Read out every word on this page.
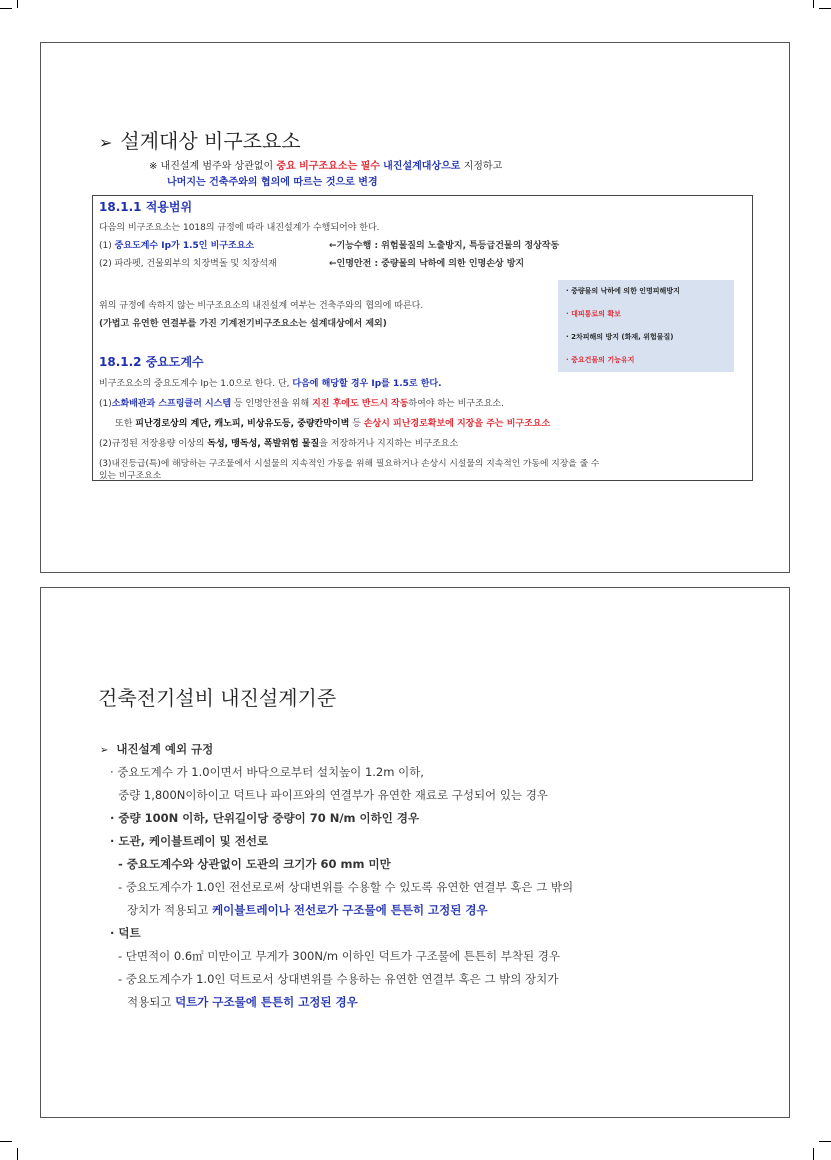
➢ 설계대상 비구조요소
※ 내진설계 범주와 상관없이 중요 비구조요소는 필수 내진설계대상으로 지정하고
나머지는 건축주와의 협의에 따르는 것으로 변경
18.1.1 적용범위
다음의 비구조요소는 1018의 규정에 따라 내진설계가 수행되어야 한다.
(1) 중요도계수 Ip가 1.5인 비구조요소	←기능수행 : 위험물질의 노출방지, 특등급건물의 정상작동
(2) 파라펫, 건물외부의 치장벽돌 및 치장석재	←인명안전 : 중량물의 낙하에 의한 인명손상 방지
위의 규정에 속하지 않는 비구조요소의 내진설계 여부는 건축주와의 협의에 따른다.
(가볍고 유연한 연결부를 가진 기계전기비구조요소는 설계대상에서 제외)
· 중량물의 낙하에 의한 인명피해방지
· 대피통로의 확보
· 2차피해의 방지 (화재, 위험물질)
· 중요건물의 기능유지
18.1.2 중요도계수
비구조요소의 중요도계수 Ip는 1.0으로 한다. 단, 다음에 해당할 경우 Ip를 1.5로 한다.
(1)소화배관과 스프링클러 시스템 등 인명안전을 위해 지진 후에도 반드시 작동하여야 하는 비구조요소.
또한 피난경로상의 계단, 캐노피, 비상유도등, 중량칸막이벽 등 손상시 피난경로확보에 지장을 주는 비구조요소
(2)규정된 저장용량 이상의 독성, 맹독성, 폭발위험 물질을 저장하거나 지지하는 비구조요소
(3)내진등급(특)에 해당하는 구조물에서 시설물의 지속적인 가동을 위해 필요하거나 손상시 시설물의 지속적인 가동에 지장을 줄 수
있는 비구조요소
건축전기설비 내진설계기준
➢ 내진설계 예외 규정
· 중요도계수 가 1.0이면서 바닥으로부터 설치높이 1.2m 이하,
중량 1,800N이하이고 덕트나 파이프와의 연결부가 유연한 재료로 구성되어 있는 경우
· 중량 100N 이하, 단위길이당 중량이 70 N/m 이하인 경우
· 도관, 케이블트레이 및 전선로
- 중요도계수와 상관없이 도관의 크기가 60 mm 미만
- 중요도계수가 1.0인 전선로로써 상대변위를 수용할 수 있도록 유연한 연결부 혹은 그 밖의
장치가 적용되고 케이블트레이나 전선로가 구조물에 튼튼히 고정된 경우
· 덕트
- 단면적이 0.6㎡ 미만이고 무게가 300N/m 이하인 덕트가 구조물에 튼튼히 부착된 경우
- 중요도계수가 1.0인 덕트로서 상대변위를 수용하는 유연한 연결부 혹은 그 밖의 장치가
적용되고 덕트가 구조물에 튼튼히 고정된 경우
